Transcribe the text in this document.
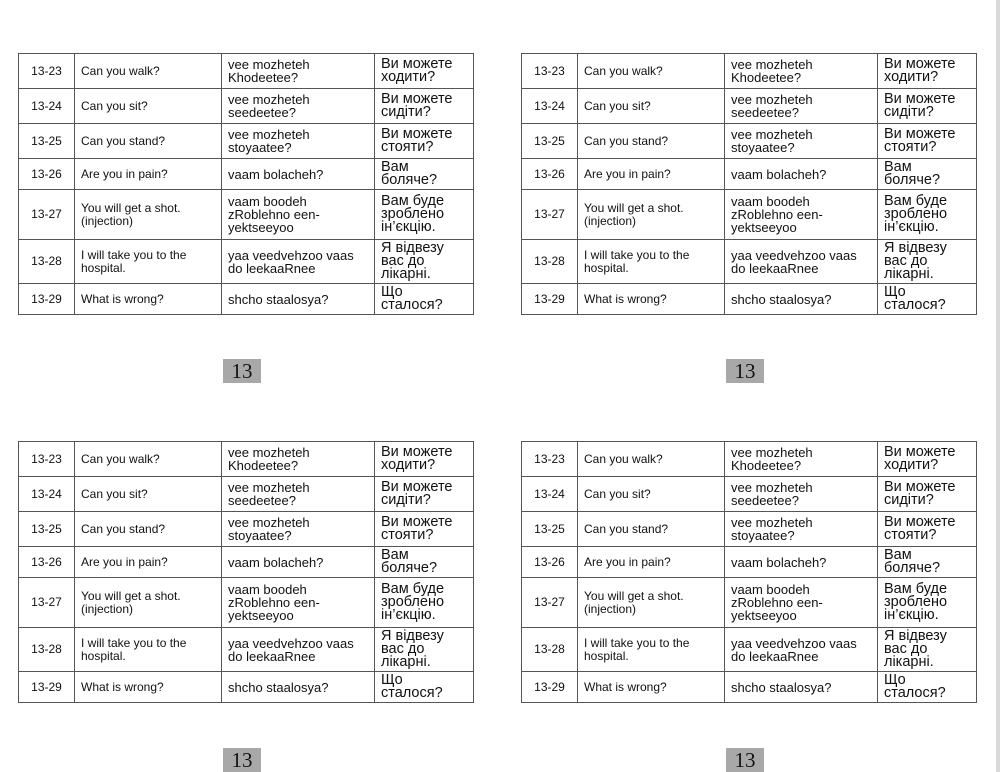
13-23	Can you walk?	vee mozheteh Khodeetee?	Ви можете ходити?
13-24	Can you sit?	vee mozheteh seedeetee?	Ви можете сидіти?
13-25	Can you stand?	vee mozheteh stoyaatee?	Ви можете стояти?
13-26	Are you in pain?	vaam bolacheh?	Вам боляче?
13-27	You will get a shot. (injection)	vaam boodeh zRoblehno een-yektseeyoo	Вам буде зроблено ін’єкцію.
13-28	I will take you to the hospital.	yaa veedvehzoo vaas do leekaaRnee	Я відвезу вас до лікарні.
13-29	What is wrong?	shcho staalosya?	Що сталося?
13-23	Can you walk?	vee mozheteh Khodeetee?	Ви можете ходити?
13-24	Can you sit?	vee mozheteh seedeetee?	Ви можете сидіти?
13-25	Can you stand?	vee mozheteh stoyaatee?	Ви можете стояти?
13-26	Are you in pain?	vaam bolacheh?	Вам боляче?
13-27	You will get a shot. (injection)	vaam boodeh zRoblehno een-yektseeyoo	Вам буде зроблено ін’єкцію.
13-28	I will take you to the hospital.	yaa veedvehzoo vaas do leekaaRnee	Я відвезу вас до лікарні.
13-29	What is wrong?	shcho staalosya?	Що сталося?
13-23	Can you walk?	vee mozheteh Khodeetee?	Ви можете ходити?
13-24	Can you sit?	vee mozheteh seedeetee?	Ви можете сидіти?
13-25	Can you stand?	vee mozheteh stoyaatee?	Ви можете стояти?
13-26	Are you in pain?	vaam bolacheh?	Вам боляче?
13-27	You will get a shot. (injection)	vaam boodeh zRoblehno een-yektseeyoo	Вам буде зроблено ін’єкцію.
13-28	I will take you to the hospital.	yaa veedvehzoo vaas do leekaaRnee	Я відвезу вас до лікарні.
13-29	What is wrong?	shcho staalosya?	Що сталося?
13-23	Can you walk?	vee mozheteh Khodeetee?	Ви можете ходити?
13-24	Can you sit?	vee mozheteh seedeetee?	Ви можете сидіти?
13-25	Can you stand?	vee mozheteh stoyaatee?	Ви можете стояти?
13-26	Are you in pain?	vaam bolacheh?	Вам боляче?
13-27	You will get a shot. (injection)	vaam boodeh zRoblehno een-yektseeyoo	Вам буде зроблено ін’єкцію.
13-28	I will take you to the hospital.	yaa veedvehzoo vaas do leekaaRnee	Я відвезу вас до лікарні.
13-29	What is wrong?	shcho staalosya?	Що сталося?
13	13
13	13
